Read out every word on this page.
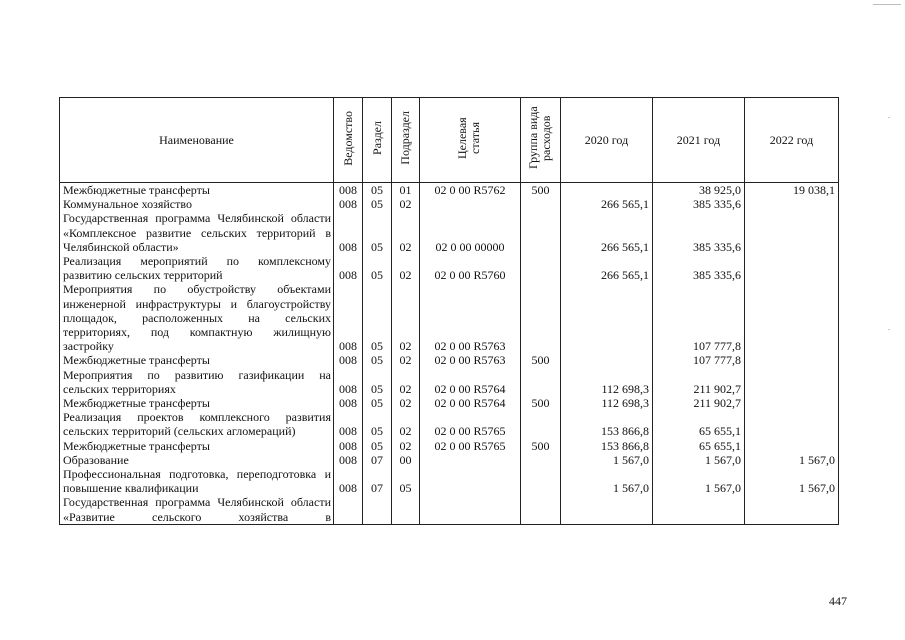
Наименование	Ведомство	Раздел	Подраздел	Целевая статья	Группа вида расходов	2020 год	2021 год	2022 год
Межбюджетные трансферты	008	05	01	02 0 00 R5762	500		38 925,0	19 038,1
Коммунальное хозяйство	008	05	02			266 565,1	385 335,6	
Государственная программа Челябинской области «Комплексное развитие сельских территорий в Челябинской области»	008	05	02	02 0 00 00000		266 565,1	385 335,6	
Реализация мероприятий по комплексному развитию сельских территорий	008	05	02	02 0 00 R5760		266 565,1	385 335,6	
Мероприятия по обустройству объектами инженерной инфраструктуры и благоустройству площадок, расположенных на сельских территориях, под компактную жилищную застройку	008	05	02	02 0 00 R5763			107 777,8	
Межбюджетные трансферты	008	05	02	02 0 00 R5763	500		107 777,8	
Мероприятия по развитию газификации на сельских территориях	008	05	02	02 0 00 R5764		112 698,3	211 902,7	
Межбюджетные трансферты	008	05	02	02 0 00 R5764	500	112 698,3	211 902,7	
Реализация проектов комплексного развития сельских территорий (сельских агломераций)	008	05	02	02 0 00 R5765		153 866,8	65 655,1	
Межбюджетные трансферты	008	05	02	02 0 00 R5765	500	153 866,8	65 655,1	
Образование	008	07	00			1 567,0	1 567,0	1 567,0
Профессиональная подготовка, переподготовка и повышение квалификации	008	07	05			1 567,0	1 567,0	1 567,0
Государственная программа Челябинской области «Развитие сельского хозяйства в								
447
